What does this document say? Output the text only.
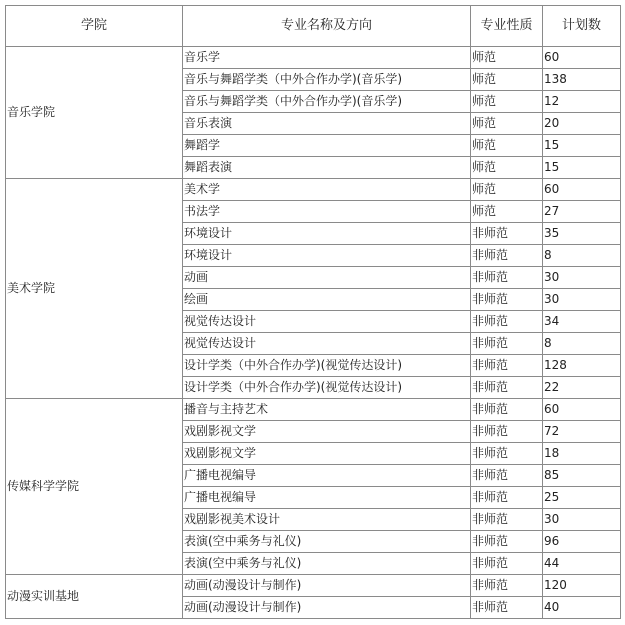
学院	专业名称及方向	专业性质	计划数
音乐学院	音乐学	师范	60
	音乐与舞蹈学类（中外合作办学)(音乐学)	师范	138
	音乐与舞蹈学类（中外合作办学)(音乐学)	师范	12
	音乐表演	师范	20
	舞蹈学	师范	15
	舞蹈表演	师范	15
美术学院	美术学	师范	60
	书法学	师范	27
	环境设计	非师范	35
	环境设计	非师范	8
	动画	非师范	30
	绘画	非师范	30
	视觉传达设计	非师范	34
	视觉传达设计	非师范	8
	设计学类（中外合作办学)(视觉传达设计)	非师范	128
	设计学类（中外合作办学)(视觉传达设计)	非师范	22
传媒科学学院	播音与主持艺术	非师范	60
	戏剧影视文学	非师范	72
	戏剧影视文学	非师范	18
	广播电视编导	非师范	85
	广播电视编导	非师范	25
	戏剧影视美术设计	非师范	30
	表演(空中乘务与礼仪)	非师范	96
	表演(空中乘务与礼仪)	非师范	44
动漫实训基地	动画(动漫设计与制作)	非师范	120
	动画(动漫设计与制作)	非师范	40
